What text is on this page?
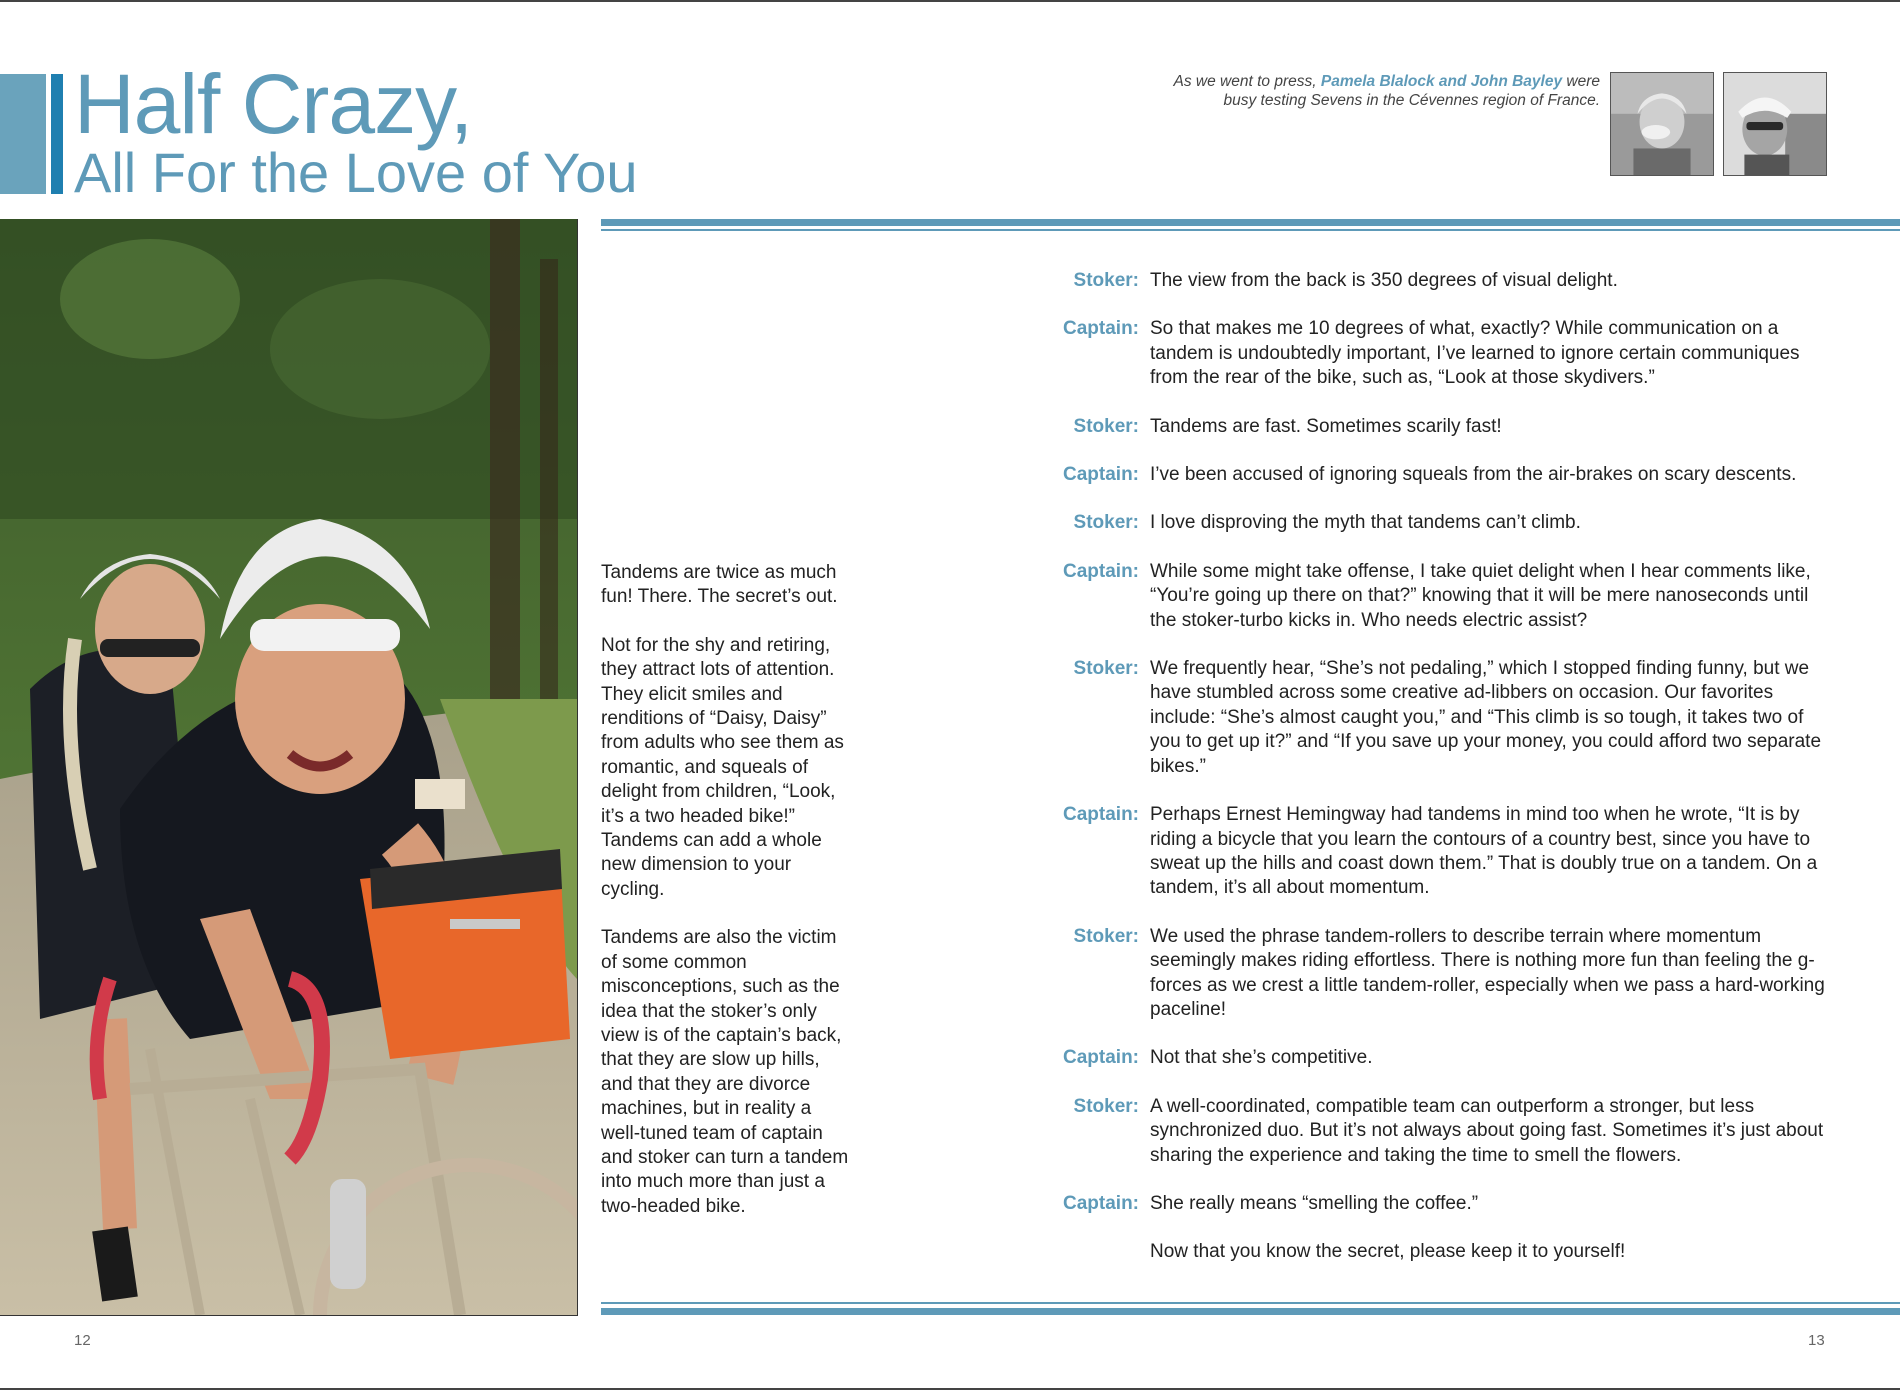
Half Crazy,
All For the Love of You
As we went to press, Pamela Blalock and John Bayley were busy testing Sevens in the Cévennes region of France.

Tandems are twice as much fun! There. The secret’s out.

Not for the shy and retiring, they attract lots of attention. They elicit smiles and renditions of “Daisy, Daisy” from adults who see them as romantic, and squeals of delight from children, “Look, it’s a two headed bike!” Tandems can add a whole new dimension to your cycling.

Tandems are also the victim of some common misconceptions, such as the idea that the stoker’s only view is of the captain’s back, that they are slow up hills, and that they are divorce machines, but in reality a well-tuned team of captain and stoker can turn a tandem into much more than just a two-headed bike.

Stoker: The view from the back is 350 degrees of visual delight.
Captain: So that makes me 10 degrees of what, exactly? While communication on a tandem is undoubtedly important, I’ve learned to ignore certain communiques from the rear of the bike, such as, “Look at those skydivers.”
Stoker: Tandems are fast. Sometimes scarily fast!
Captain: I’ve been accused of ignoring squeals from the air-brakes on scary descents.
Stoker: I love disproving the myth that tandems can’t climb.
Captain: While some might take offense, I take quiet delight when I hear comments like, “You’re going up there on that?” knowing that it will be mere nanoseconds until the stoker-turbo kicks in. Who needs electric assist?
Stoker: We frequently hear, “She’s not pedaling,” which I stopped finding funny, but we have stumbled across some creative ad-libbers on occasion. Our favorites include: “She’s almost caught you,” and “This climb is so tough, it takes two of you to get up it?” and “If you save up your money, you could afford two separate bikes.”
Captain: Perhaps Ernest Hemingway had tandems in mind too when he wrote, “It is by riding a bicycle that you learn the contours of a country best, since you have to sweat up the hills and coast down them.” That is doubly true on a tandem. On a tandem, it’s all about momentum.
Stoker: We used the phrase tandem-rollers to describe terrain where momentum seemingly makes riding effortless. There is nothing more fun than feeling the g-forces as we crest a little tandem-roller, especially when we pass a hard-working paceline!
Captain: Not that she’s competitive.
Stoker: A well-coordinated, compatible team can outperform a stronger, but less synchronized duo. But it’s not always about going fast. Sometimes it’s just about sharing the experience and taking the time to smell the flowers.
Captain: She really means “smelling the coffee.”
Now that you know the secret, please keep it to yourself!
12	13
